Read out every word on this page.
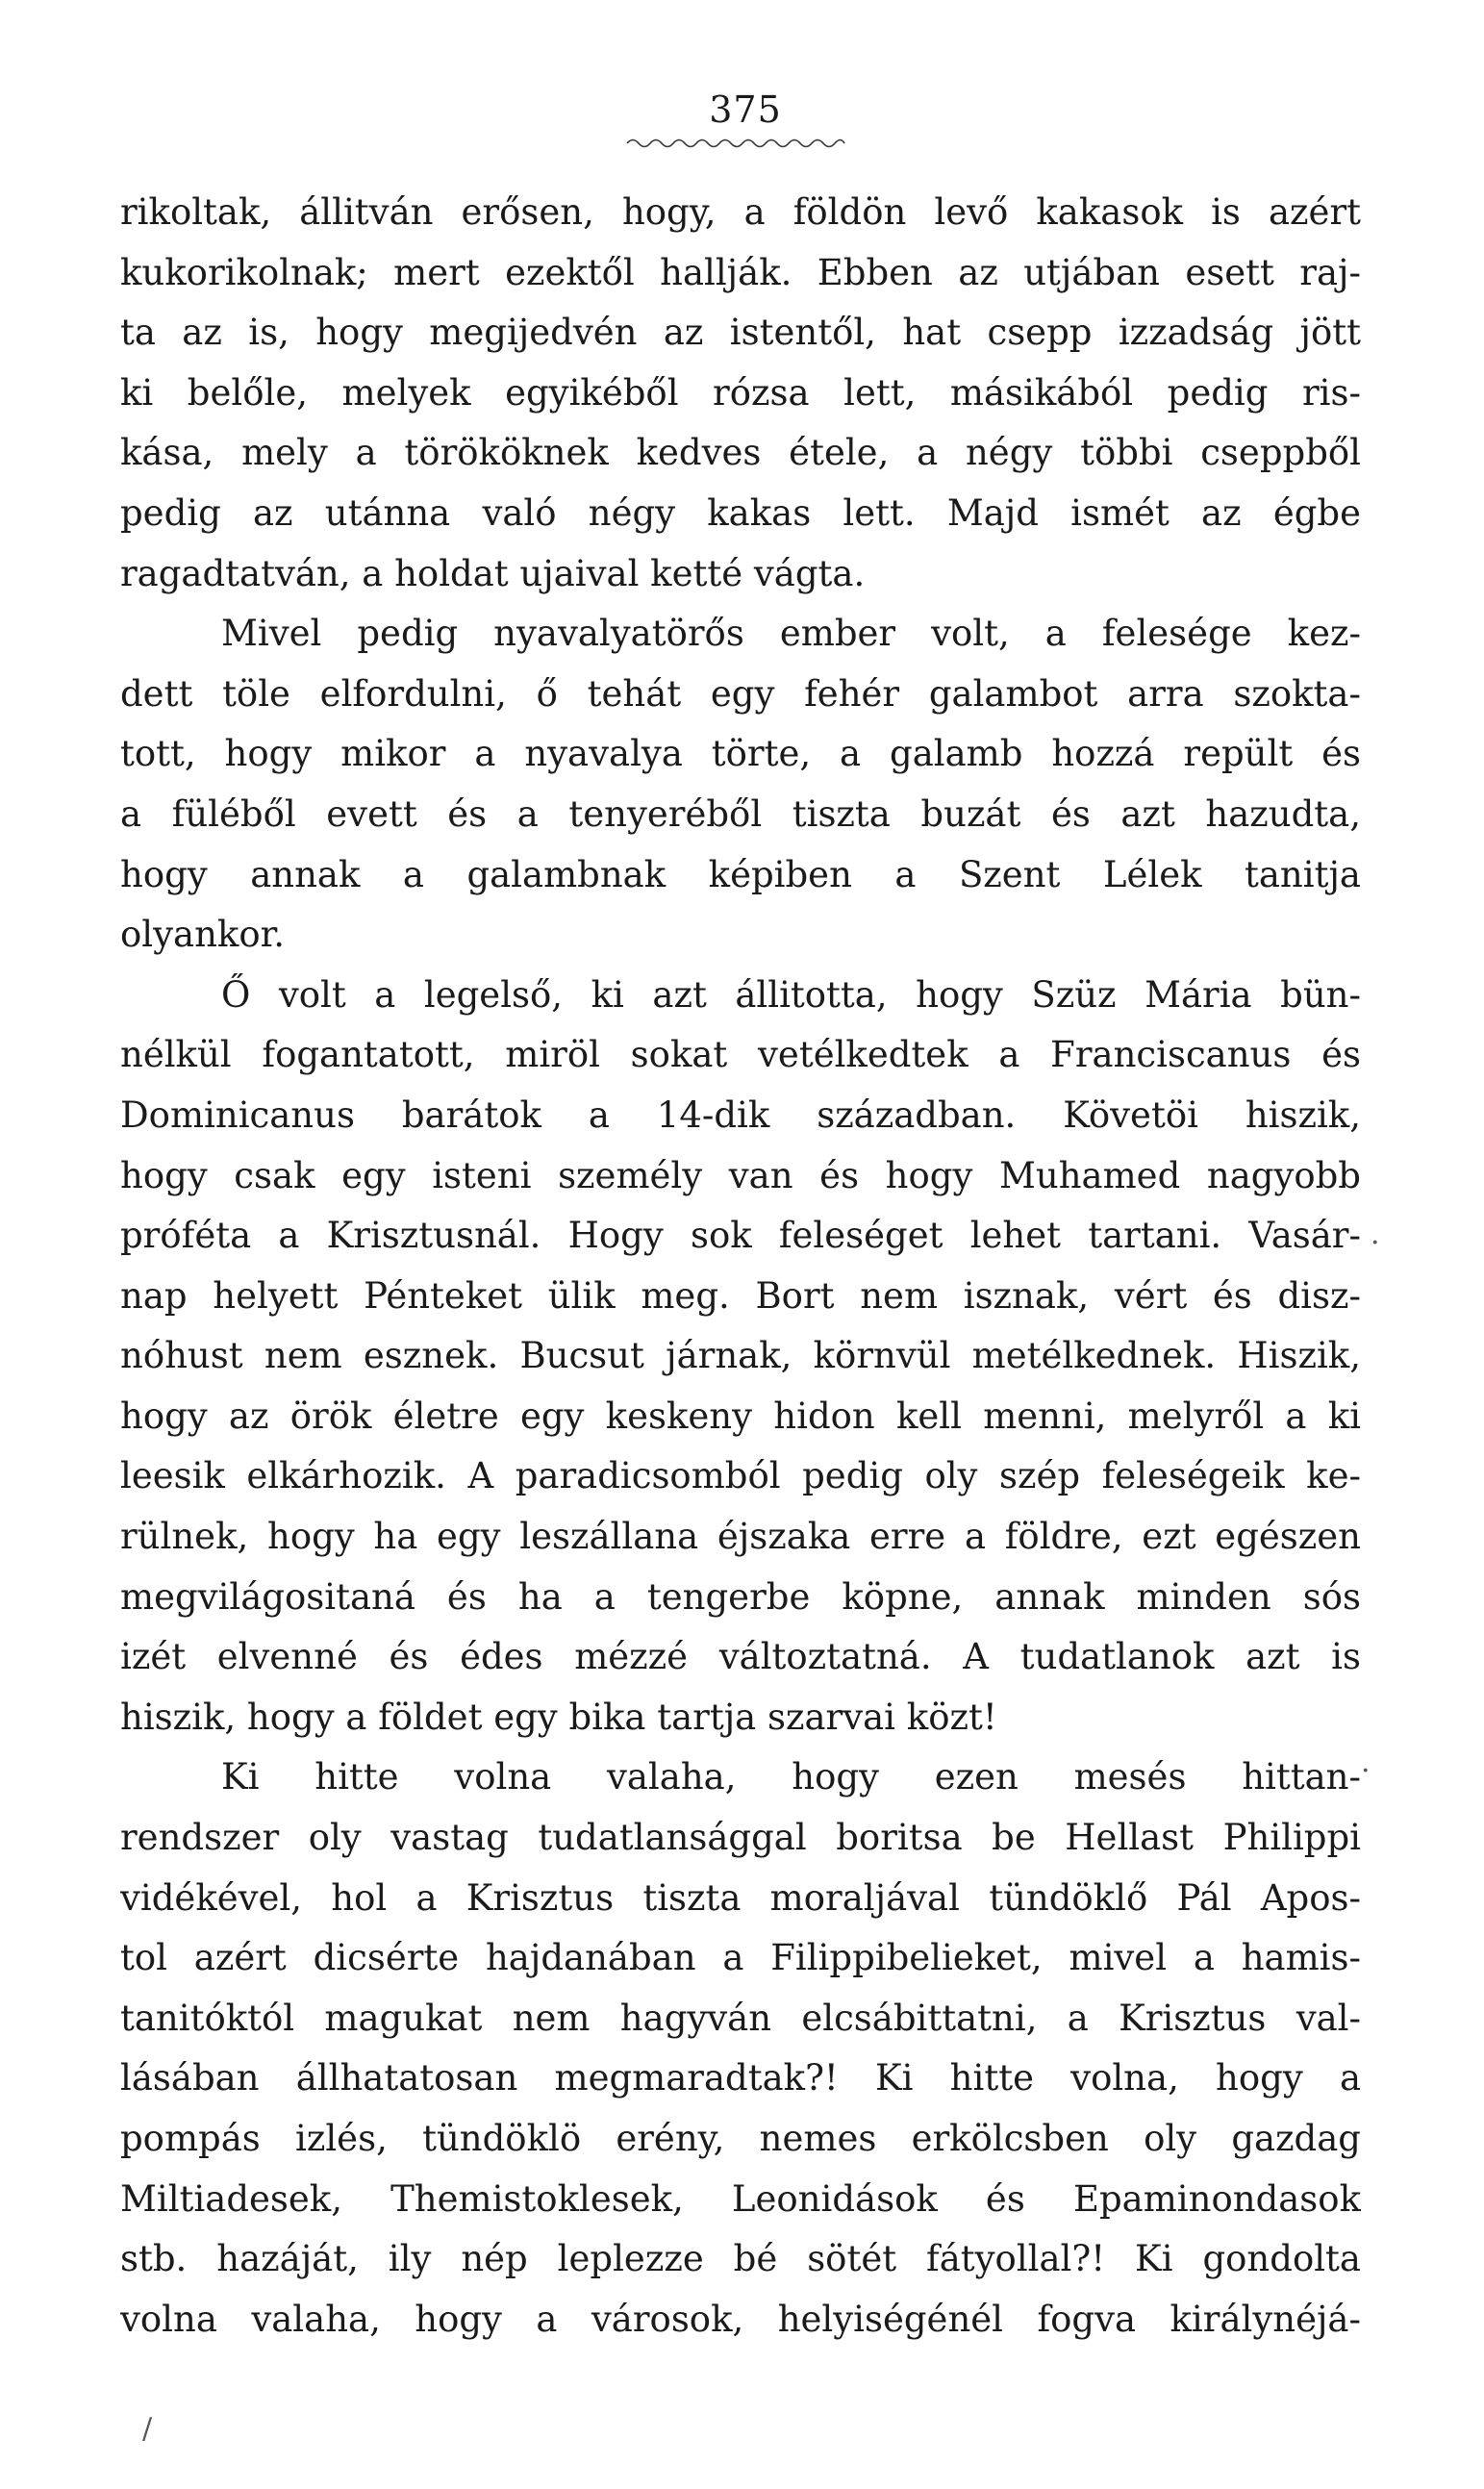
375
rikoltak, állitván erősen, hogy, a földön levő kakasok is azért
kukorikolnak; mert ezektől hallják. Ebben az utjában esett raj-
ta az is, hogy megijedvén az istentől, hat csepp izzadság jött
ki belőle, melyek egyikéből rózsa lett, másikából pedig ris-
kása, mely a törököknek kedves étele, a négy többi cseppből
pedig az utánna való négy kakas lett. Majd ismét az égbe
ragadtatván, a holdat ujaival ketté vágta.
Mivel pedig nyavalyatörős ember volt, a felesége kez-
dett töle elfordulni, ő tehát egy fehér galambot arra szokta-
tott, hogy mikor a nyavalya törte, a galamb hozzá repült és
a füléből evett és a tenyeréből tiszta buzát és azt hazudta,
hogy annak a galambnak képiben a Szent Lélek tanitja
olyankor.
Ő volt a legelső, ki azt állitotta, hogy Szüz Mária bün-
nélkül fogantatott, miröl sokat vetélkedtek a Franciscanus és
Dominicanus barátok a 14-dik században. Követöi hiszik,
hogy csak egy isteni személy van és hogy Muhamed nagyobb
próféta a Krisztusnál. Hogy sok feleséget lehet tartani. Vasár-
nap helyett Pénteket ülik meg. Bort nem isznak, vért és disz-
nóhust nem esznek. Bucsut járnak, körnvül metélkednek. Hiszik,
hogy az örök életre egy keskeny hidon kell menni, melyről a ki
leesik elkárhozik. A paradicsomból pedig oly szép feleségeik ke-
rülnek, hogy ha egy leszállana éjszaka erre a földre, ezt egészen
megvilágositaná és ha a tengerbe köpne, annak minden sós
izét elvenné és édes mézzé változtatná. A tudatlanok azt is
hiszik, hogy a földet egy bika tartja szarvai közt!
Ki hitte volna valaha, hogy ezen mesés hittan-
rendszer oly vastag tudatlansággal boritsa be Hellast Philippi
vidékével, hol a Krisztus tiszta moraljával tündöklő Pál Apos-
tol azért dicsérte hajdanában a Filippibelieket, mivel a hamis-
tanitóktól magukat nem hagyván elcsábittatni, a Krisztus val-
lásában állhatatosan megmaradtak?! Ki hitte volna, hogy a
pompás izlés, tündöklö erény, nemes erkölcsben oly gazdag
Miltiadesek, Themistoklesek, Leonidások és Epaminondasok
stb. hazáját, ily nép leplezze bé sötét fátyollal?! Ki gondolta
volna valaha, hogy a városok, helyiségénél fogva királynéjá-
·
.
/
